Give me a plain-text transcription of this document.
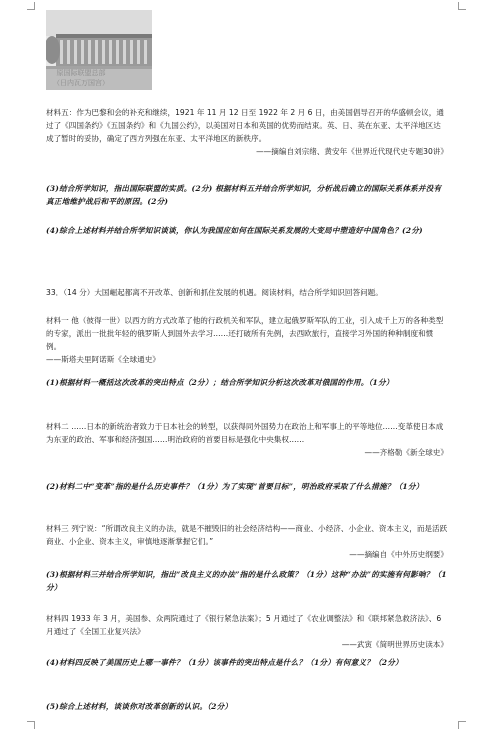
原国际联盟总部
（日内瓦万国宫）

材料五：作为巴黎和会的补充和继续，1921 年 11 月 12 日至 1922 年 2 月 6 日，由美国倡导召开的华盛顿会议，通过了《四国条约》《五国条约》和《九国公约》，以美国对日本和英国的优势而结束。英、日、英在东亚、太平洋地区达成了暂时的妥协，确定了西方列强在东亚、太平洋地区的新秩序。

——摘编自刘宗绪、黄安年《世界近代现代史专题30讲》

(3)结合所学知识，指出国际联盟的实质。(2分) 根据材料五并结合所学知识，分析战后确立的国际关系体系并没有真正地维护战后和平的原因。(2分)

(4)综合上述材料并结合所学知识谈谈，你认为我国应如何在国际关系发展的大变局中塑造好中国角色？(2分)

33．（14 分）大国崛起都离不开改革、创新和抓住发展的机遇。阅读材料，结合所学知识回答问题。

材料一 他（彼得一世）以西方的方式改革了他的行政机关和军队，建立起俄罗斯军队的工业，引入成千上万的各种类型的专家，派出一批批年轻的俄罗斯人到国外去学习……还打破所有先例，去西欧旅行，直接学习外国的种种制度和惯例。

——斯塔夫里阿诺斯《全球通史》

(1)根据材料一概括这次改革的突出特点（2分）；结合所学知识分析这次改革对俄国的作用。（1分）

材料二 ……日本的新统治者致力于日本社会的转型，以获得同外国势力在政治上和军事上的平等地位……变革使日本成为东亚的政治、军事和经济强国……明治政府的首要目标是强化中央集权……

——齐格勒《新全球史》

(2)材料二中“变革”指的是什么历史事件？（1分）为了实现“首要目标”，明治政府采取了什么措施？（1分）

材料三 列宁说：“所谓改良主义的办法，就是不摧毁旧的社会经济结构——商业、小经济、小企业、资本主义，而是活跃商业、小企业、资本主义，审慎地逐渐掌握它们。”

——摘编自《中外历史纲要》

(3)根据材料三并结合所学知识，指出“改良主义的办法”指的是什么政策？（1分）这种“办法”的实施有何影响？（1分）

材料四 1933 年 3 月，美国参、众两院通过了《银行紧急法案》；5 月通过了《农业调整法》和《联邦紧急救济法》、6 月通过了《全国工业复兴法》

——武寅《简明世界历史读本》

(4)材料四反映了美国历史上哪一事件？（1分）该事件的突出特点是什么？（1分）有何意义？（2分）

(5)综合上述材料，谈谈你对改革创新的认识。（2分）
